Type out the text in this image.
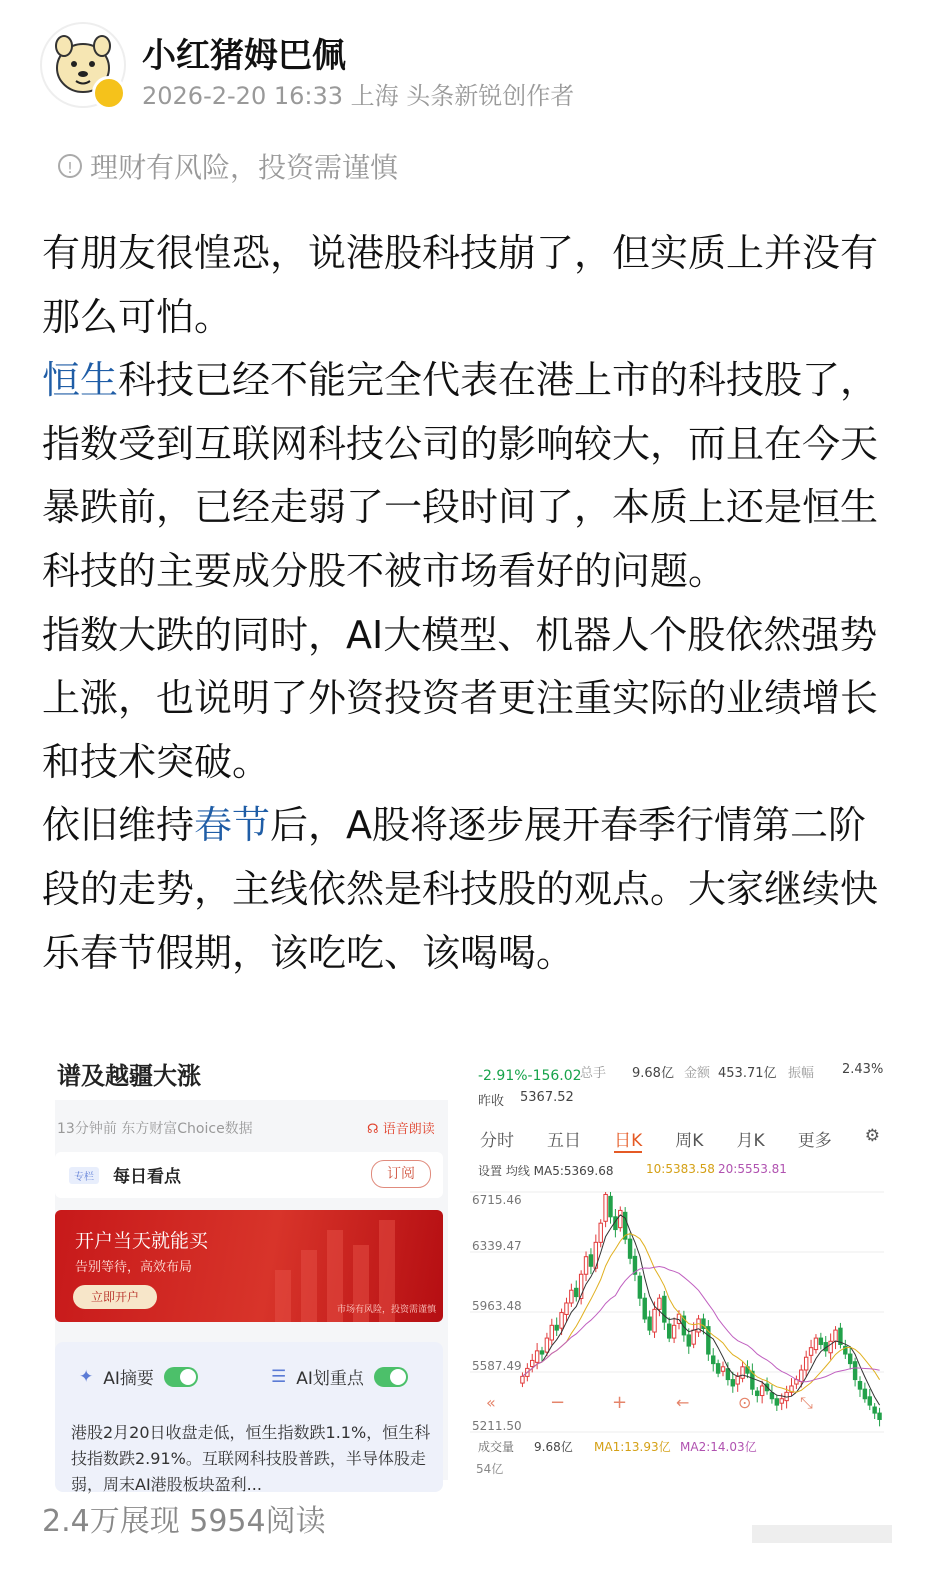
小红猪姆巴佩
2026-2-20 16:33 上海 头条新锐创作者
! 理财有风险，投资需谨慎

有朋友很惶恐，说港股科技崩了，但实质上并没有那么可怕。

恒生科技已经不能完全代表在港上市的科技股了，指数受到互联网科技公司的影响较大，而且在今天暴跌前，已经走弱了一段时间了，本质上还是恒生科技的主要成分股不被市场看好的问题。

指数大跌的同时，AI大模型、机器人个股依然强势上涨，也说明了外资投资者更注重实际的业绩增长和技术突破。

依旧维持春节后，A股将逐步展开春季行情第二阶段的走势，主线依然是科技股的观点。大家继续快乐春节假期，该吃吃、该喝喝。

谱及越疆大涨
13分钟前 东方财富Choice数据	☊ 语音朗读
专栏 每日看点	订阅
开户当天就能买
告别等待，高效布局
立即开户
市场有风险，投资需谨慎
✦ AI摘要	☰ AI划重点
港股2月20日收盘走低，恒生指数跌1.1%，恒生科技指数跌2.91%。互联网科技股普跌，半导体股走弱，周末AI港股板块盈利...
-2.91%-156.02
昨收 5367.52
总手 9.68亿 金额 453.71亿 振幅 2.43%
分时 五日 日K 周K 月K 更多 ⚙
设置 均线 MA5:5369.68	10:5383.58 20:5553.81
6715.46
6339.47
5963.48
5587.49
5211.50
«	−	+	←	⊙	⤡
成交量 9.68亿 MA1:13.93亿 MA2:14.03亿
54亿
2.4万展现 5954阅读
